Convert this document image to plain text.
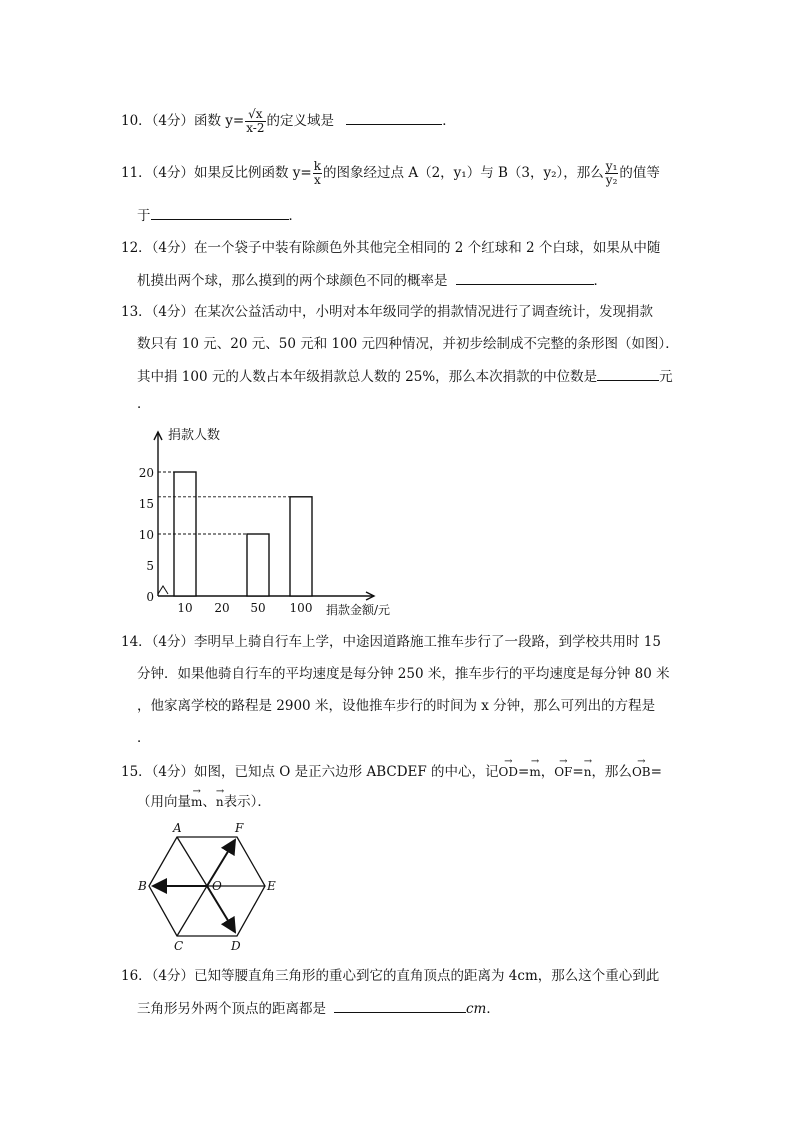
10．（4分）函数 $y= \frac{√x}{x-2}$ 的定义域是	．
11．（4分）如果反比例函数 $y= \frac{k}{x}$ 的图象经过点 A（2，y₁）与 B（3，y₂），那么 $\frac{\text{y₁}}{\text{y₂}}$ 的值等
于	．
12．（4分）在一个袋子中装有除颜色外其他完全相同的 2 个红球和 2 个白球，如果从中随
机摸出两个球，那么摸到的两个球颜色不同的概率是	．
13．（4分）在某次公益活动中，小明对本年级同学的捐款情况进行了调查统计，发现捐款
数只有 10 元、20 元、50 元和 100 元四种情况，并初步绘制成不完整的条形图（如图）．
其中捐 100 元的人数占本年级捐款总人数的 25%，那么本次捐款的中位数是	元
．
捐款人数
捐款金额/元
0
5
10
15
20
10 20 50 100
14．（4分）李明早上骑自行车上学，中途因道路施工推车步行了一段路，到学校共用时 15
分钟．如果他骑自行车的平均速度是每分钟 250 米，推车步行的平均速度是每分钟 80 米
，他家离学校的路程是 2900 米，设他推车步行的时间为 x 分钟，那么可列出的方程是
．
15．（4分）如图，已知点 O 是正六边形 ABCDEF 的中心，记→ OD=→ m，→ OF=→ n，那么→ OB=
（用向量→ m、→ n表示）．
A	F
B	E
O
C	D
16．（4分）已知等腰直角三角形的重心到它的直角顶点的距离为 4cm，那么这个重心到此
三角形另外两个顶点的距离都是	cm．
